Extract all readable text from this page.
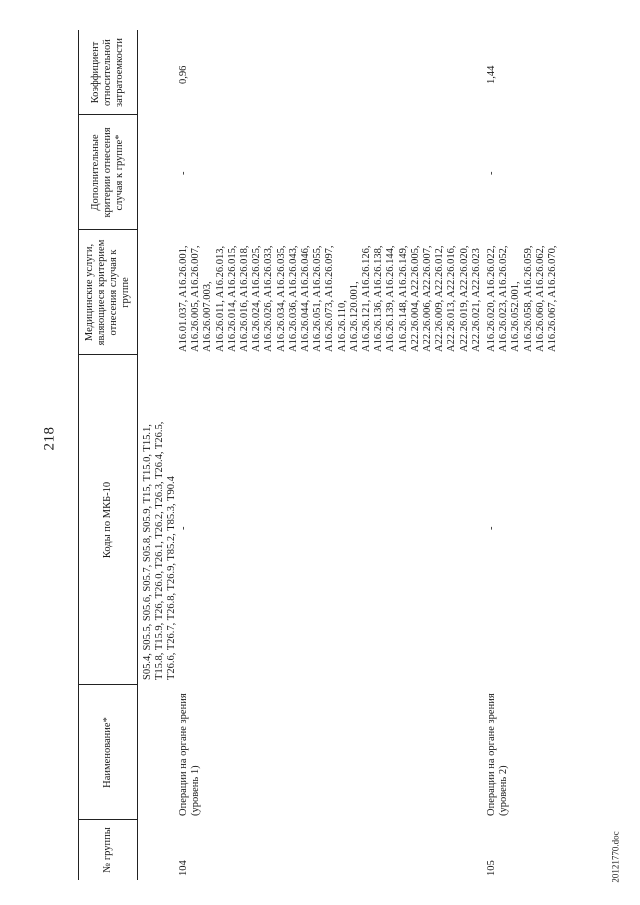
218
20121770.doc
№ группы
Наименование*
Коды по МКБ-10
Медицинские услуги, являющиеся критерием отнесения случая к группе
Дополнительные критерии отнесения случая к группе*
Коэффициент относительной затратоемкости
S05.4, S05.5, S05.6, S05.7, S05.8, S05.9, T15, T15.0, T15.1,
T15.8, T15.9, T26, T26.0, T26.1, T26.2, T26.3, T26.4, T26.5,
T26.6, T26.7, T26.8, T26.9, T85.2, T85.3, T90.4
104
Операции на органе зрения
(уровень 1)
-
A16.01.037, A16.26.001,
A16.26.005, A16.26.007,
A16.26.007.003,
A16.26.011, A16.26.013,
A16.26.014, A16.26.015,
A16.26.016, A16.26.018,
A16.26.024, A16.26.025,
A16.26.026, A16.26.033,
A16.26.034, A16.26.035,
A16.26.036, A16.26.043,
A16.26.044, A16.26.046,
A16.26.051, A16.26.055,
A16.26.073, A16.26.097,
A16.26.110,
A16.26.120.001,
A16.26.121, A16.26.126,
A16.26.136, A16.26.138,
A16.26.139, A16.26.144,
A16.26.148, A16.26.149,
A22.26.004, A22.26.005,
A22.26.006, A22.26.007,
A22.26.009, A22.26.012,
A22.26.013, A22.26.016,
A22.26.019, A22.26.020,
A22.26.021, A22.26.023
-
0,96
105
Операции на органе зрения
(уровень 2)
-
A16.26.020, A16.26.022,
A16.26.023, A16.26.052,
A16.26.052.001,
A16.26.058, A16.26.059,
A16.26.060, A16.26.062,
A16.26.067, A16.26.070,
-
1,44
